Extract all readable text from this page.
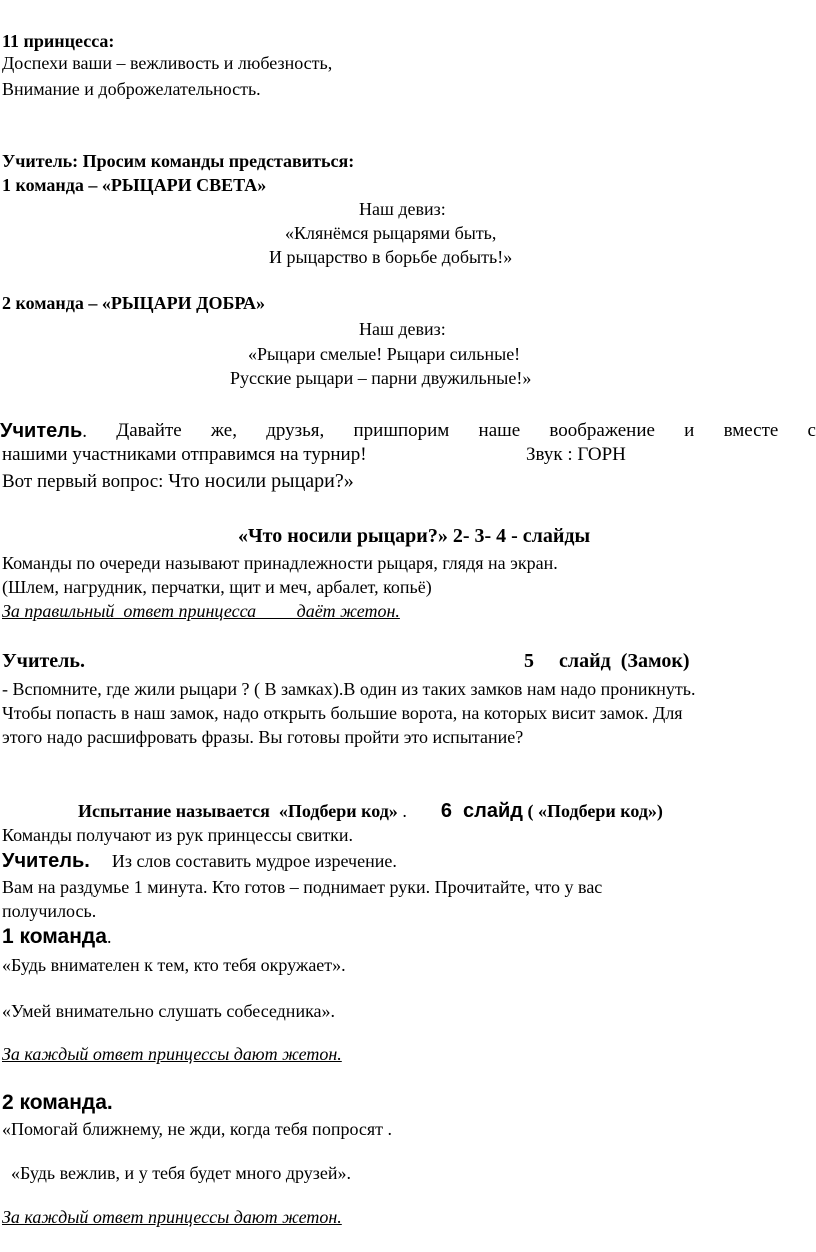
11 принцесса:
Доспехи ваши – вежливость и любезность,
Внимание и доброжелательность.
Учитель: Просим команды представиться:
1 команда – «РЫЦАРИ СВЕТА»
Наш девиз:
«Клянёмся рыцарями быть,
И рыцарство в борьбе добыть!»
2 команда – «РЫЦАРИ ДОБРА»
Наш девиз:
«Рыцари смелые! Рыцари сильные!
Русские рыцари – парни двужильные!»
Учитель . Давайте же, друзья, пришпорим наше воображение и вместе с
нашими участниками отправимся на турнир!	Звук : ГОРН
Вот первый вопрос: Что носили рыцари?»
«Что носили рыцари?» 2- 3- 4 - слайды
Команды по очереди называют принадлежности рыцаря, глядя на экран.
(Шлем, нагрудник, перчатки, щит и меч, арбалет, копьё)
За правильный  ответ принцесса         даёт жетон.
Учитель.	5     слайд  (Замок)
- Вспомните, где жили рыцари ? ( В замках).В один из таких замков нам надо проникнуть.
Чтобы попасть в наш замок, надо открыть большие ворота, на которых висит замок. Для
этого надо расшифровать фразы. Вы готовы пройти это испытание?
Испытание называется  «Подбери код» . 6  слайд ( «Подбери код»)
Команды получают из рук принцессы свитки.
Учитель. Из слов составить мудрое изречение.
Вам на раздумье 1 минута. Кто готов – поднимает руки. Прочитайте, что у вас
получилось.
1 команда.
«Будь внимателен к тем, кто тебя окружает».
«Умей внимательно слушать собеседника».
За каждый ответ принцессы дают жетон.
2 команда.
«Помогай ближнему, не жди, когда тебя попросят .
«Будь вежлив, и у тебя будет много друзей».
За каждый ответ принцессы дают жетон.
